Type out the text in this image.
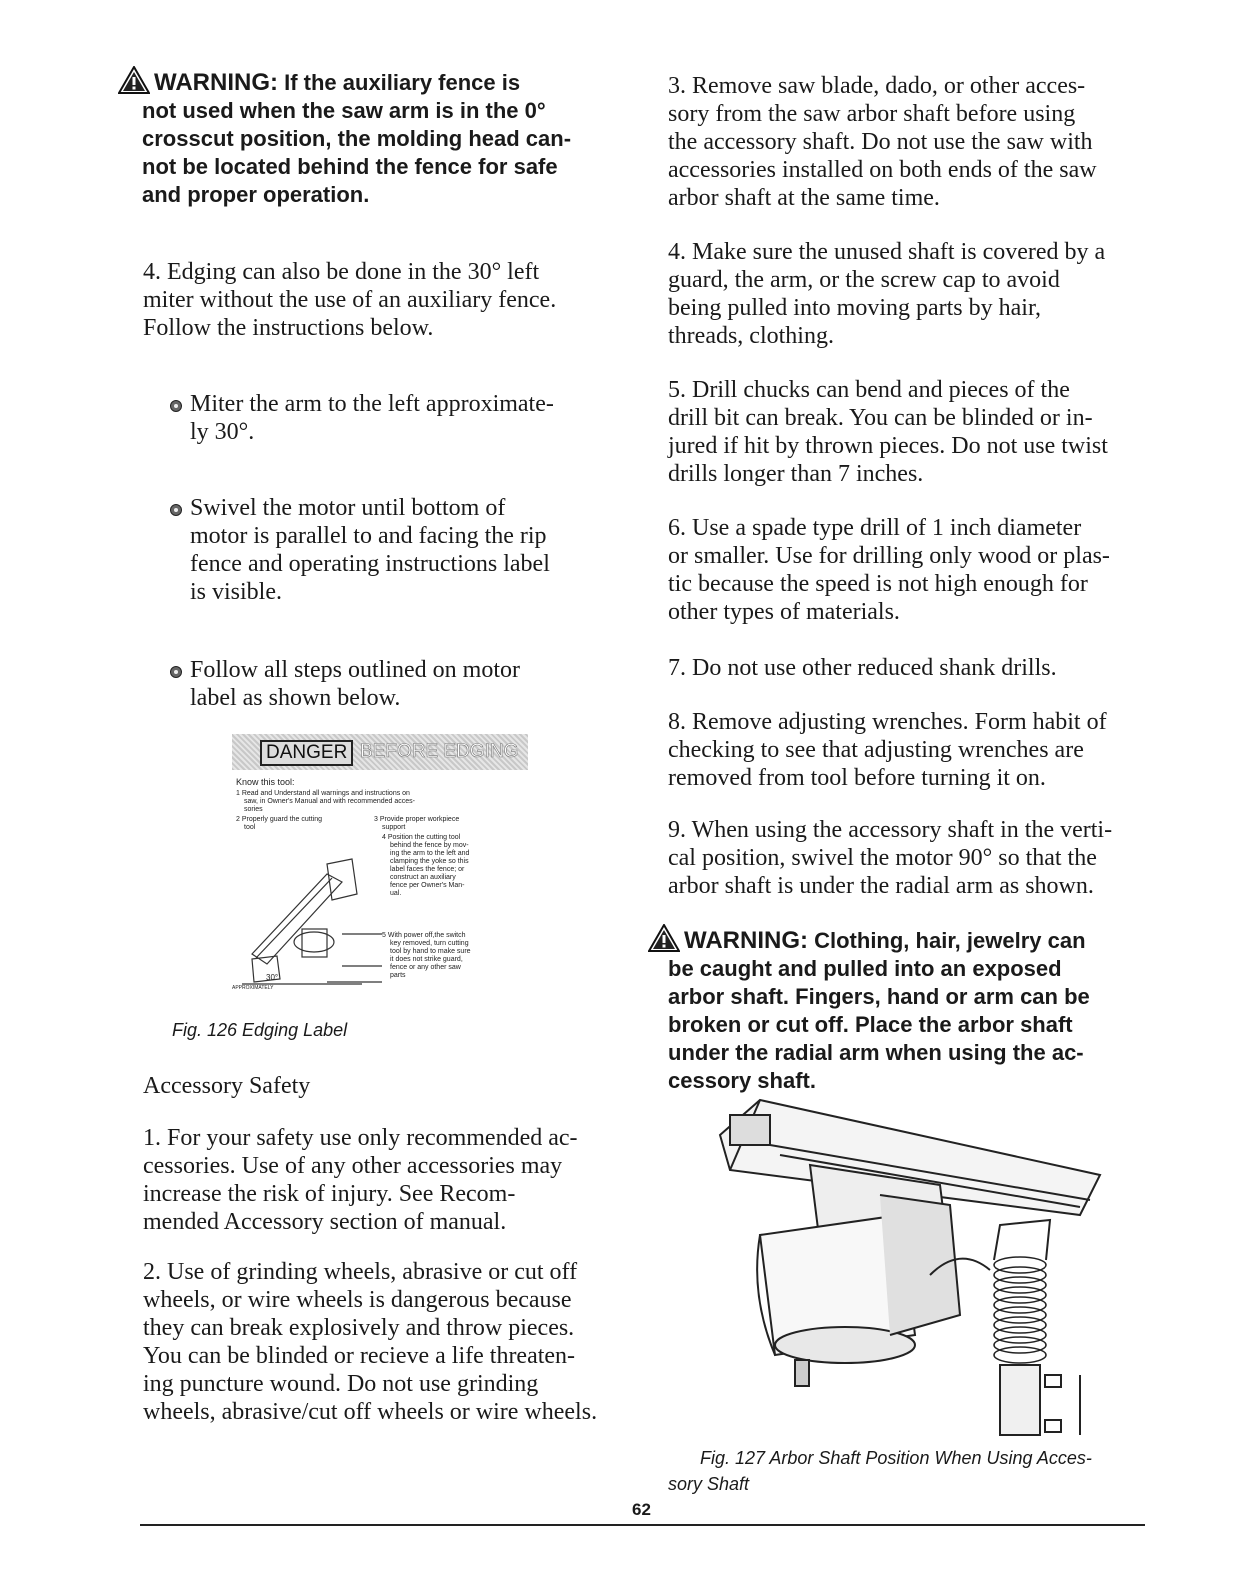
WARNING: If the auxiliary fence is
not used when the saw arm is in the 0°
crosscut position, the molding head can-
not be located behind the fence for safe
and proper operation.
4. Edging can also be done in the 30° left
miter without the use of an auxiliary fence.
Follow the instructions below.
Miter the arm to the left approximate-
ly 30°.
Swivel the motor until bottom of
motor is parallel to and facing the rip
fence and operating instructions label
is visible.
Follow all steps outlined on motor
label as shown below.
DANGER BEFORE EDGING
Know this tool:
1 Read and Understand all warnings and instructions on
saw, in Owner's Manual and with recommended acces-
sories
2 Properly guard the cutting
tool
3 Provide proper workpiece
support
4 Position the cutting tool
behind the fence by mov-
ing the arm to the left and
clamping the yoke so this
label faces the fence; or
construct an auxiliary
fence per Owner's Man-
ual.
5 With power off,the switch
key removed, turn cutting
tool by hand to make sure
it does not strike guard,
fence or any other saw
parts
30°
APPROXIMATELY
Fig. 126 Edging Label
Accessory Safety
1. For your safety use only recommended ac-
cessories. Use of any other accessories may
increase the risk of injury. See Recom-
mended Accessory section of manual.
2. Use of grinding wheels, abrasive or cut off
wheels, or wire wheels is dangerous because
they can break explosively and throw pieces.
You can be blinded or recieve a life threaten-
ing puncture wound. Do not use grinding
wheels, abrasive/cut off wheels or wire wheels.
3. Remove saw blade, dado, or other acces-
sory from the saw arbor shaft before using
the accessory shaft. Do not use the saw with
accessories installed on both ends of the saw
arbor shaft at the same time.
4. Make sure the unused shaft is covered by a
guard, the arm, or the screw cap to avoid
being pulled into moving parts by hair,
threads, clothing.
5. Drill chucks can bend and pieces of the
drill bit can break. You can be blinded or in-
jured if hit by thrown pieces. Do not use twist
drills longer than 7 inches.
6. Use a spade type drill of 1 inch diameter
or smaller. Use for drilling only wood or plas-
tic because the speed is not high enough for
other types of materials.
7. Do not use other reduced shank drills.
8. Remove adjusting wrenches. Form habit of
checking to see that adjusting wrenches are
removed from tool before turning it on.
9. When using the accessory shaft in the verti-
cal position, swivel the motor 90° so that the
arbor shaft is under the radial arm as shown.
WARNING: Clothing, hair, jewelry can
be caught and pulled into an exposed
arbor shaft. Fingers, hand or arm can be
broken or cut off. Place the arbor shaft
under the radial arm when using the ac-
cessory shaft.
Fig. 127 Arbor Shaft Position When Using Acces-
sory Shaft
62
